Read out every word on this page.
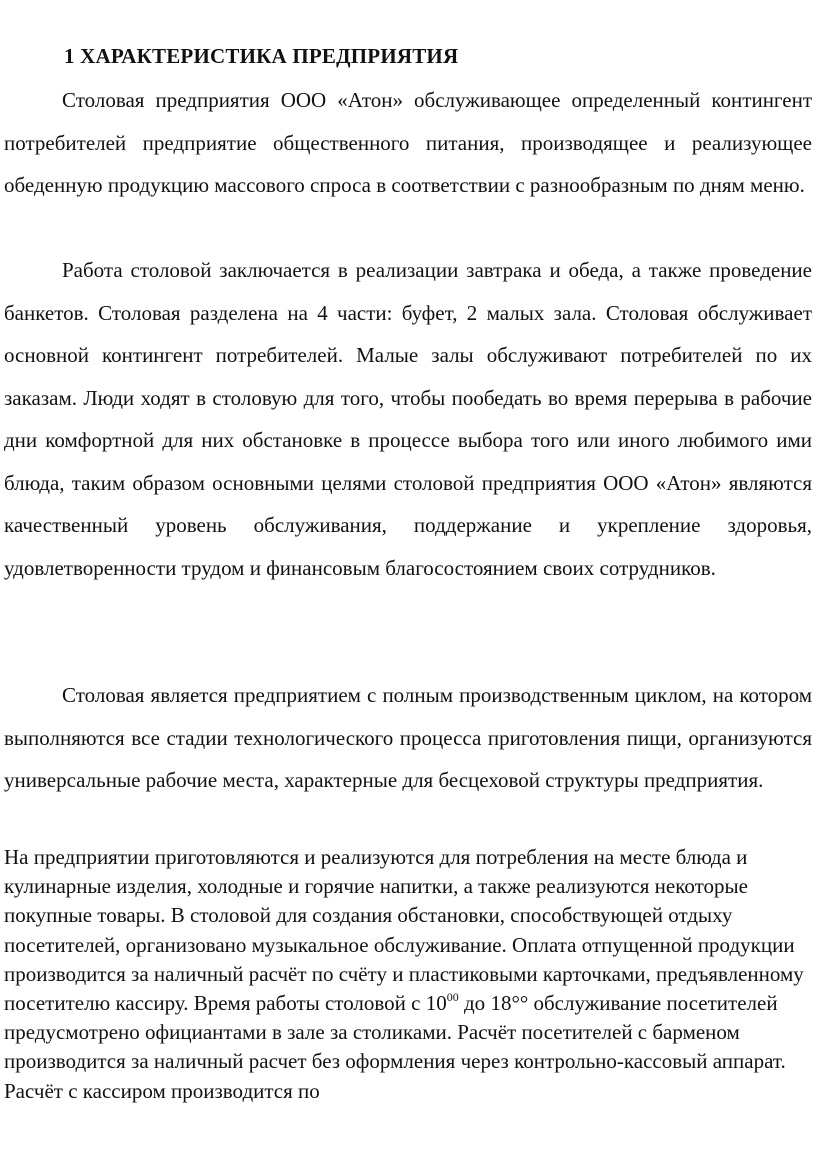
1 ХАРАКТЕРИСТИКА ПРЕДПРИЯТИЯ

Столовая предприятия ООО «Атон» обслуживающее определенный контингент потребителей предприятие общественного питания, производящее и реализующее обеденную продукцию массового спроса в соответствии с разнообразным по дням меню.

Работа столовой заключается в реализации завтрака и обеда, а также проведение банкетов. Столовая разделена на 4 части: буфет, 2 малых зала. Столовая обслуживает основной контингент потребителей. Малые залы обслуживают потребителей по их заказам. Люди ходят в столовую для того, чтобы пообедать во время перерыва в рабочие дни комфортной для них обстановке в процессе выбора того или иного любимого ими блюда, таким образом основными целями столовой предприятия ООО «Атон» являются качественный уровень обслуживания, поддержание и укрепление здоровья, удовлетворенности трудом и финансовым благосостоянием своих сотрудников.

Столовая является предприятием с полным производственным циклом, на котором выполняются все стадии технологического процесса приготовления пищи, организуются универсальные рабочие места, характерные для бесцеховой структуры предприятия.

На предприятии приготовляются и реализуются для потребления на месте блюда и кулинарные изделия, холодные и горячие напитки, а также реализуются некоторые покупные товары. В столовой для создания обстановки, способствующей отдыху посетителей, организовано музыкальное обслуживание. Оплата отпущенной продукции производится за наличный расчёт по счёту и пластиковыми карточками, предъявленному посетителю кассиру. Время работы столовой с $10^{00}$ до 18°° обслуживание посетителей предусмотрено официантами в зале за столиками. Расчёт посетителей с барменом производится за наличный расчет без оформления через контрольно-кассовый аппарат. Расчёт с кассиром производится по
